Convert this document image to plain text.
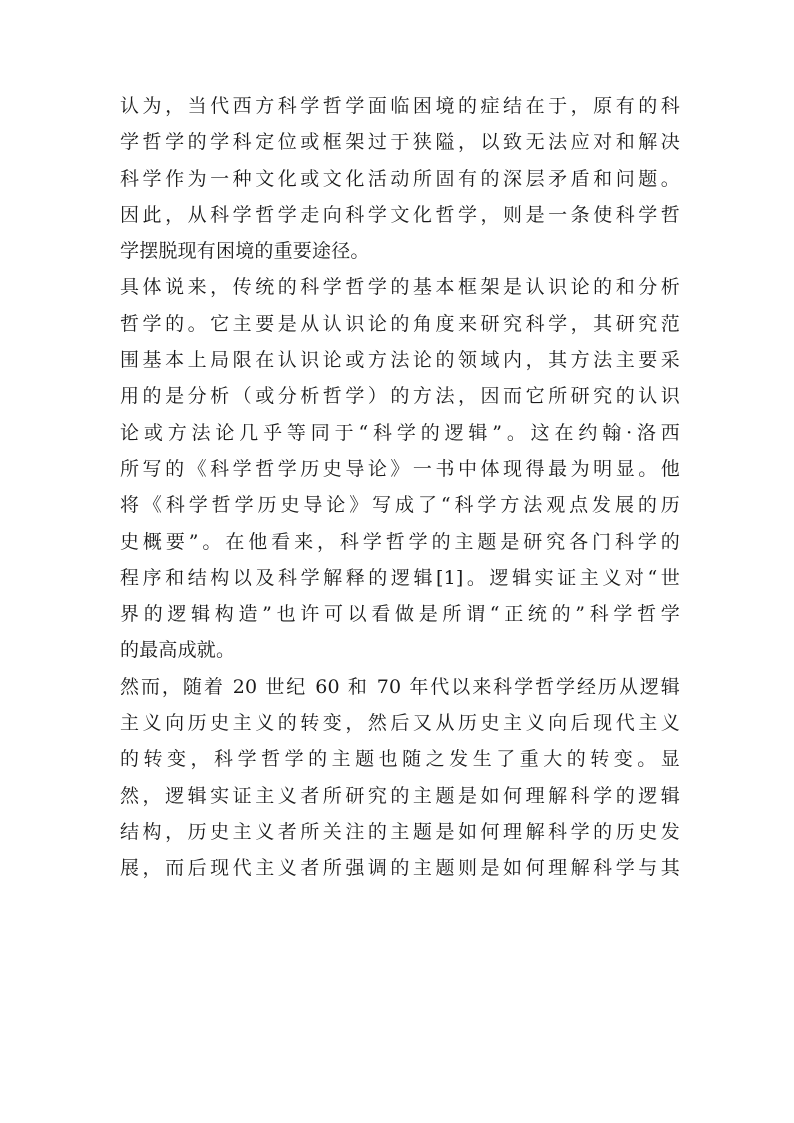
认为，当代西方科学哲学面临困境的症结在于，原有的科
学哲学的学科定位或框架过于狭隘，以致无法应对和解决
科学作为一种文化或文化活动所固有的深层矛盾和问题。
因此，从科学哲学走向科学文化哲学，则是一条使科学哲
学摆脱现有困境的重要途径。
具体说来，传统的科学哲学的基本框架是认识论的和分析
哲学的。它主要是从认识论的角度来研究科学，其研究范
围基本上局限在认识论或方法论的领域内，其方法主要采
用的是分析（或分析哲学）的方法，因而它所研究的认识
论或方法论几乎等同于“科学的逻辑”。这在约翰·洛西
所写的《科学哲学历史导论》一书中体现得最为明显。他
将《科学哲学历史导论》写成了“科学方法观点发展的历
史概要”。在他看来，科学哲学的主题是研究各门科学的
程序和结构以及科学解释的逻辑[1]。逻辑实证主义对“世
界的逻辑构造”也许可以看做是所谓“正统的”科学哲学
的最高成就。
然而，随着 20 世纪 60 和 70 年代以来科学哲学经历从逻辑
主义向历史主义的转变，然后又从历史主义向后现代主义
的转变，科学哲学的主题也随之发生了重大的转变。显
然，逻辑实证主义者所研究的主题是如何理解科学的逻辑
结构，历史主义者所关注的主题是如何理解科学的历史发
展，而后现代主义者所强调的主题则是如何理解科学与其
